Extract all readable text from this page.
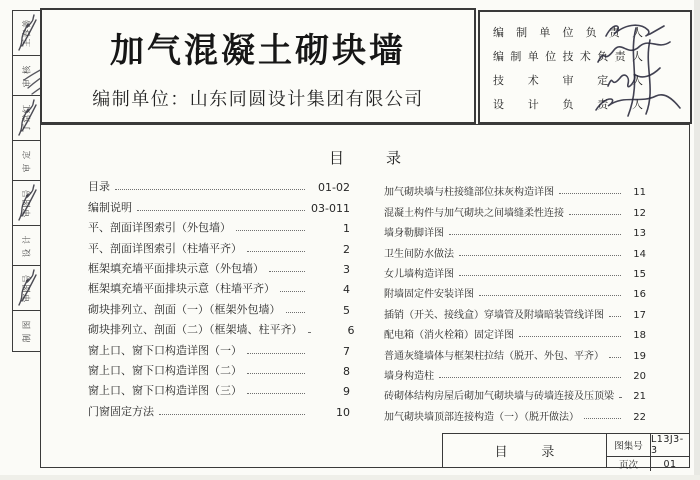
王春善
审 核
丁常红
审 定
审图号
设 计
审图号
制 图
加气混凝土砌块墙
编制单位：山东同圆设计集团有限公司
编制单位负责人
编制单位技术负责人
技术审定人
设计负责人
目录
目录	01-02
编制说明	03-011
平、剖面详图索引（外包墙）	1
平、剖面详图索引（柱墙平齐）	2
框架填充墙平面排块示意（外包墙）	3
框架填充墙平面排块示意（柱墙平齐）	4
砌块排列立、剖面（一）（框架外包墙）	5
砌块排列立、剖面（二）（框架墙、柱平齐）	6
窗上口、窗下口构造详图（一）	7
窗上口、窗下口构造详图（二）	8
窗上口、窗下口构造详图（三）	9
门窗固定方法	10
加气砌块墙与柱接缝部位抹灰构造详图	11
混凝土构件与加气砌块之间墙缝柔性连接	12
墙身勒脚详图	13
卫生间防水做法	14
女儿墙构造详图	15
附墙固定件安装详图	16
插销（开关、接线盒）穿墙管及附墙暗装管线详图	17
配电箱（消火栓箱）固定详图	18
普通灰缝墙体与框架柱拉结（脱开、外包、平齐）	19
墙身构造柱	20
砖砌体结构房屋后砌加气砌块墙与砖墙连接及压顶梁	21
加气砌块墙顶部连接构造（一）（脱开做法）	22
目录	图集号
L13J3-3
页次	01
